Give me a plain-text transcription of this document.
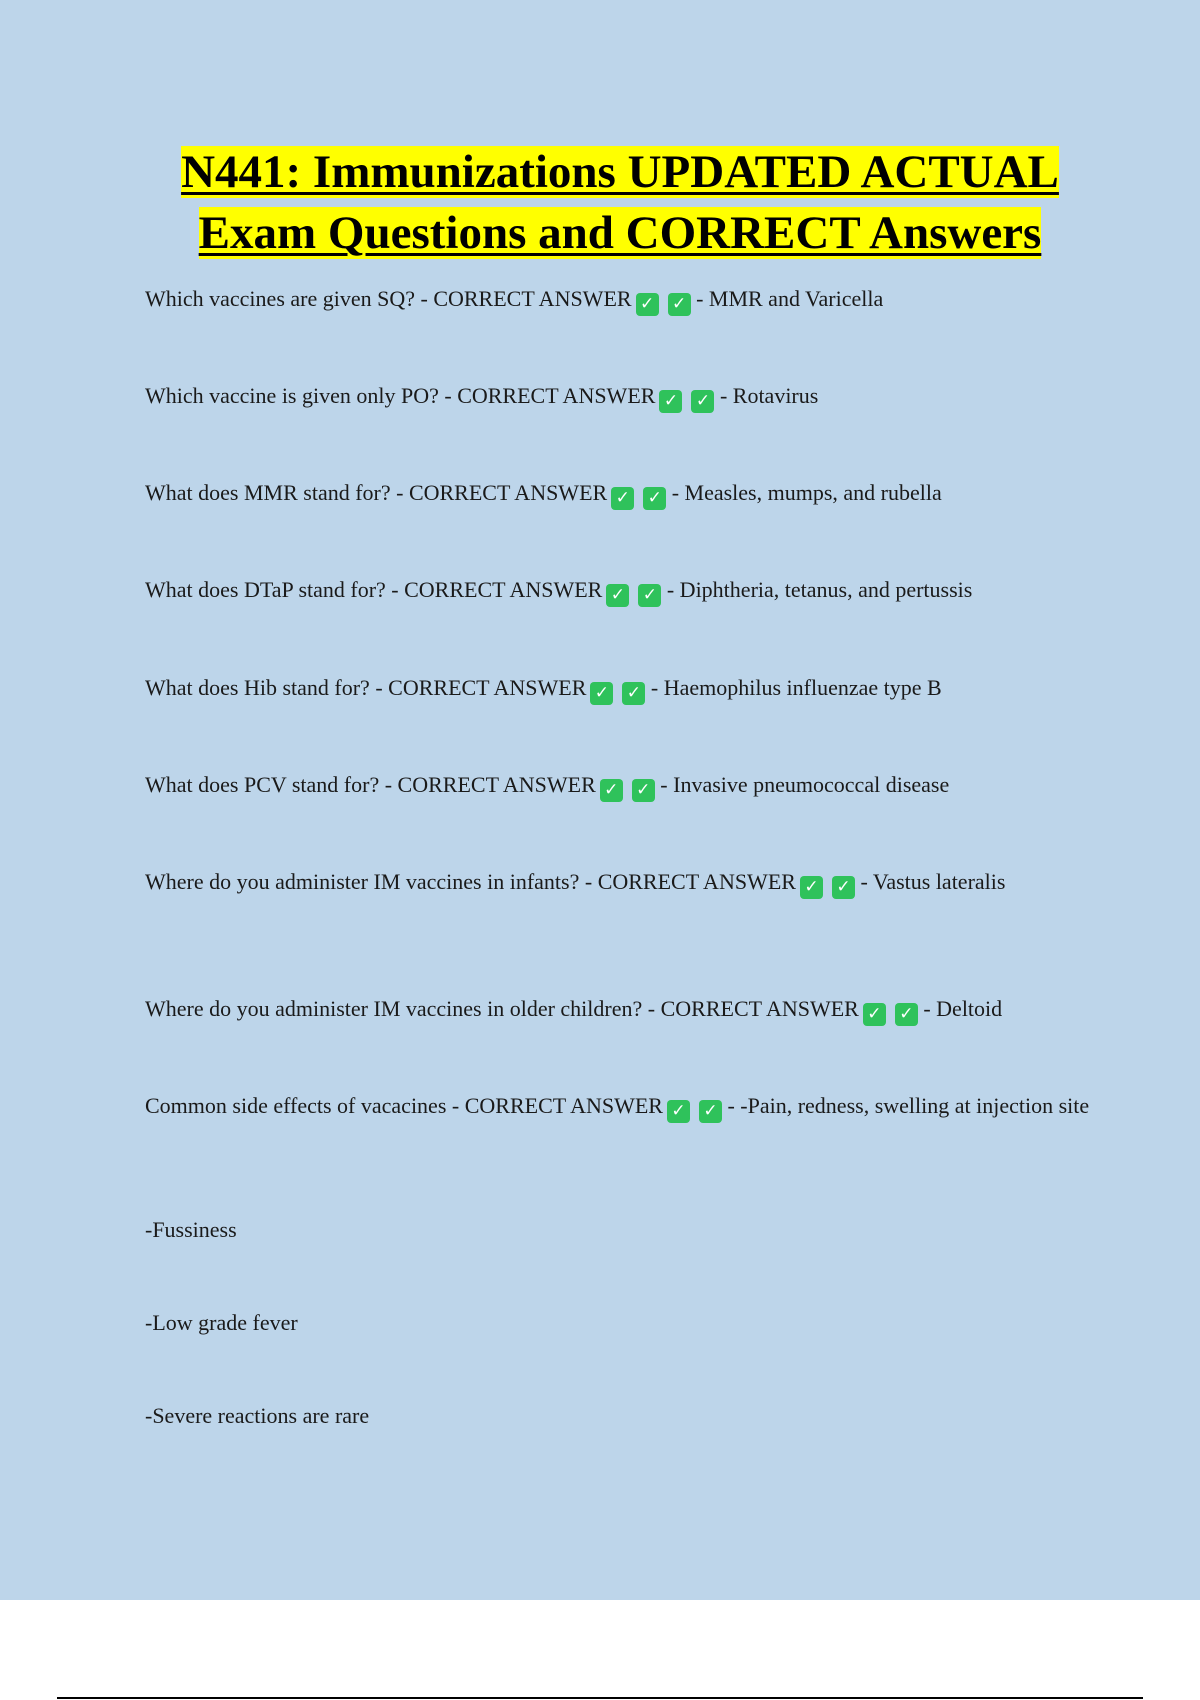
N441: Immunizations UPDATED ACTUAL
Exam Questions and CORRECT Answers

Which vaccines are given SQ? - CORRECT ANSWER ✓ ✓ - MMR and Varicella

Which vaccine is given only PO? - CORRECT ANSWER ✓ ✓ - Rotavirus

What does MMR stand for? - CORRECT ANSWER ✓ ✓ - Measles, mumps, and rubella

What does DTaP stand for? - CORRECT ANSWER ✓ ✓ - Diphtheria, tetanus, and pertussis

What does Hib stand for? - CORRECT ANSWER ✓ ✓ - Haemophilus influenzae type B

What does PCV stand for? - CORRECT ANSWER ✓ ✓ - Invasive pneumococcal disease

Where do you administer IM vaccines in infants? - CORRECT ANSWER ✓ ✓ - Vastus lateralis

Where do you administer IM vaccines in older children? - CORRECT ANSWER ✓ ✓ - Deltoid

Common side effects of vacacines - CORRECT ANSWER ✓ ✓ - -Pain, redness, swelling at injection site

-Fussiness

-Low grade fever

-Severe reactions are rare
